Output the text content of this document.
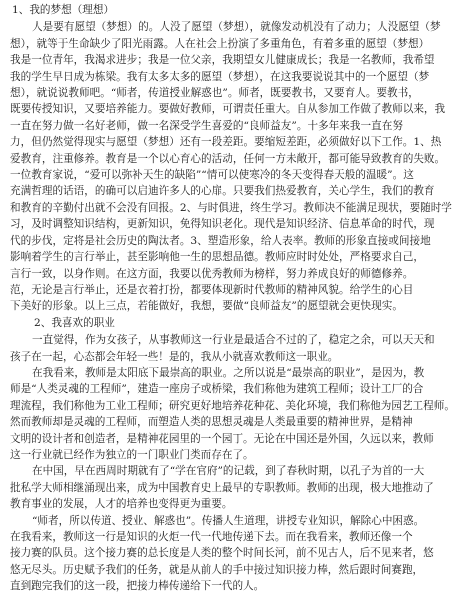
1、我的梦想（理想）
人是要有愿望（梦想）的。人没了愿望（梦想），就像发动机没有了动力；人没愿望（梦
想），就等于生命缺少了阳光雨露。人在社会上扮演了多重角色，有着多重的愿望（梦想）
我是一位青年，我渴求进步；我是一位父亲，我期望女儿健康成长；我是一名教师，我希望
我的学生早日成为栋梁。我有太多太多的愿望（梦想），在这我要说说其中的一个愿望（梦
想），就说说教师吧。“师者，传道授业解惑也”。师者，既要教书，又要育人。要教书，
既要传授知识，又要培养能力。要做好教师，可谓责任重大。自从参加工作做了教师以来，我
一直在努力做一名好老师，做一名深受学生喜爱的“良师益友”。十多年来我一直在努
力，但仍然觉得现实与愿望（梦想）还有一段差距。要缩短差距，必须做好以下工作。1、热
爱教育，注重修养。教育是一个以心育心的活动，任何一方未敞开，都可能导致教育的失败。
一位教育家说，“爱可以弥补天生的缺陷”“情可以使寒冷的冬天变得春天般的温暖”。这
充满哲理的话语，的确可以启迪许多人的心扉。只要我们热爱教育，关心学生，我们的教育
和教育的辛勤付出就不会没有回报。2、与时俱进，终生学习。教师决不能满足现状，要随时学
习，及时调整知识结构，更新知识，免得知识老化。现代是知识经济、信息革命的时代，现
代的步伐，定将是社会历史的陶汰者。3、塑造形象，给人表率。教师的形象直接或间接地
影响着学生的言行举止，甚至影响他一生的思想品德。教师应时时处处，严格要求自己，
言行一致，以身作则。在这方面，我要以优秀教师为榜样，努力养成良好的师德修养。
范，无论是言行举止，还是衣着打扮，都要体现新时代教师的精神风貌。给学生的心目
下美好的形象。以上三点，若能做好，我想，要做“良师益友”的愿望就会更快现实。
2、我喜欢的职业
一直觉得，作为女孩子，从事教师这一行业是最适合不过的了，稳定之余，可以天天和
孩子在一起，心态都会年轻一些！是的，我从小就喜欢教师这一职业。
在我看来，教师是太阳底下最崇高的职业。之所以说是“最崇高的职业”，是因为，教
师是“人类灵魂的工程师”，建造一座房子或桥梁，我们称他为建筑工程师；设计工厂的合
理流程，我们称他为工业工程师；研究更好地培养花种花、美化环境，我们称他为园艺工程师。
然而教师却是灵魂的工程师，而塑造人类的思想灵魂是人类最重要的精神世界，是精神
文明的设计者和创造者，是精神花园里的一个园丁。无论在中国还是外国，久远以来，教师
这一行业就已经作为独立的一门职业门类而存在了。
在中国，早在西周时期就有了“学在官府”的记载，到了春秋时期，以孔子为首的一大
批私学大师相继涌现出来，成为中国教育史上最早的专职教师。教师的出现，极大地推动了
教育事业的发展，人才的培养也变得更为重要。
“师者，所以传道、授业、解惑也”。传播人生道理，讲授专业知识，解除心中困惑。
在我看来，教师这一行是知识的火炬一代一代地传递下去。而在我看来，教师还像一个
接力赛的队员。这个接力赛的总长度是人类的整个时间长河，前不见古人，后不见来者，悠
悠无尽头。历史赋予我们的任务，就是从前人的手中接过知识接力棒，然后跟时间赛跑，
直到跑完我们的这一段，把接力棒传递给下一代的人。
